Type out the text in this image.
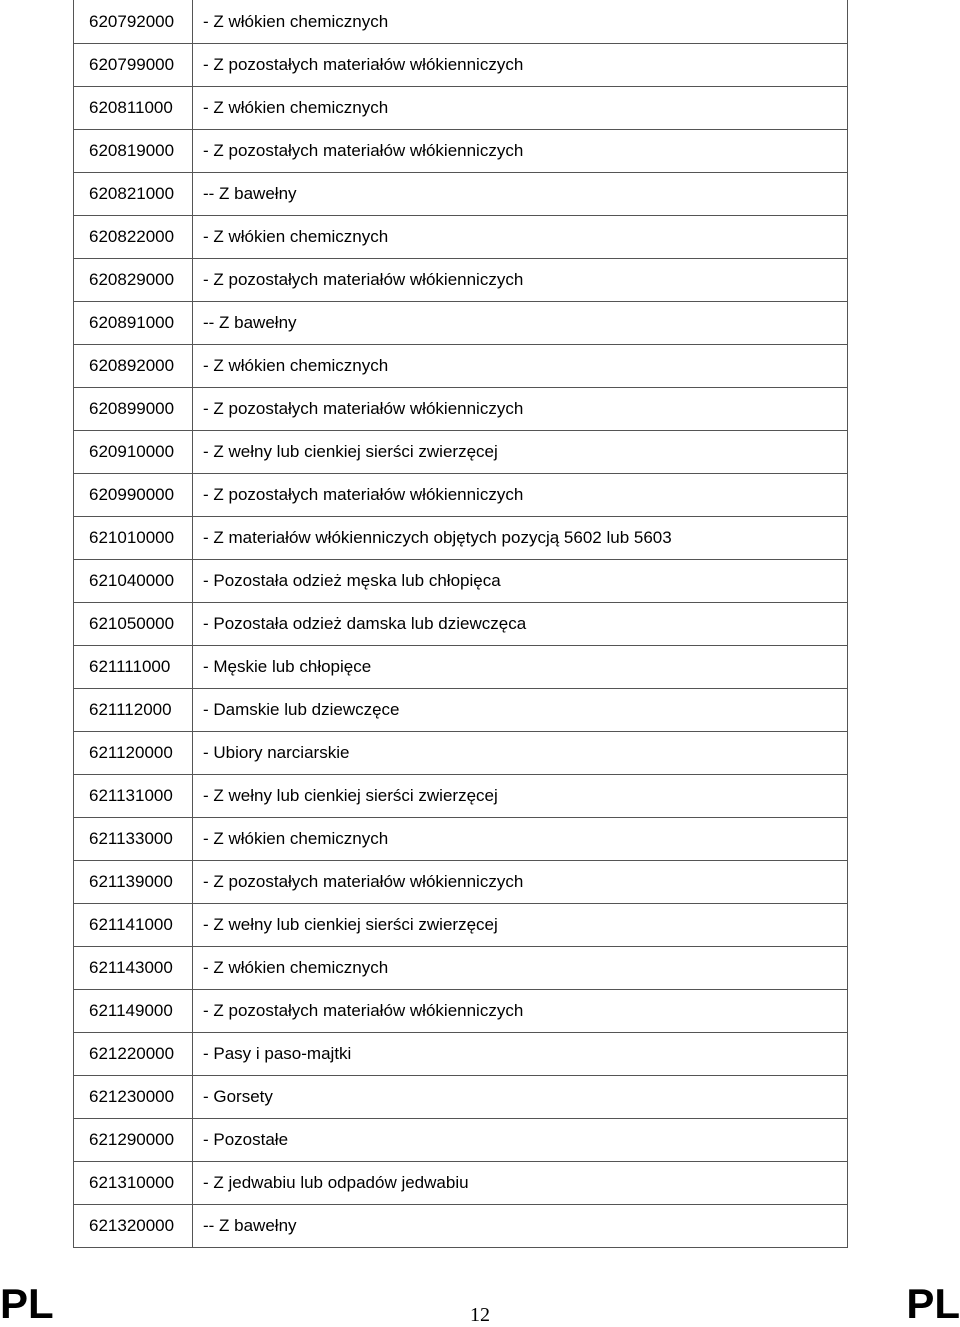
620792000	- Z włókien chemicznych
620799000	- Z pozostałych materiałów włókienniczych
620811000	- Z włókien chemicznych
620819000	- Z pozostałych materiałów włókienniczych
620821000	-- Z bawełny
620822000	- Z włókien chemicznych
620829000	- Z pozostałych materiałów włókienniczych
620891000	-- Z bawełny
620892000	- Z włókien chemicznych
620899000	- Z pozostałych materiałów włókienniczych
620910000	- Z wełny lub cienkiej sierści zwierzęcej
620990000	- Z pozostałych materiałów włókienniczych
621010000	- Z materiałów włókienniczych objętych pozycją 5602 lub 5603
621040000	- Pozostała odzież męska lub chłopięca
621050000	- Pozostała odzież damska lub dziewczęca
621111000	- Męskie lub chłopięce
621112000	- Damskie lub dziewczęce
621120000	- Ubiory narciarskie
621131000	- Z wełny lub cienkiej sierści zwierzęcej
621133000	- Z włókien chemicznych
621139000	- Z pozostałych materiałów włókienniczych
621141000	- Z wełny lub cienkiej sierści zwierzęcej
621143000	- Z włókien chemicznych
621149000	- Z pozostałych materiałów włókienniczych
621220000	- Pasy i paso-majtki
621230000	- Gorsety
621290000	- Pozostałe
621310000	- Z jedwabiu lub odpadów jedwabiu
621320000	-- Z bawełny
PL	12	PL
